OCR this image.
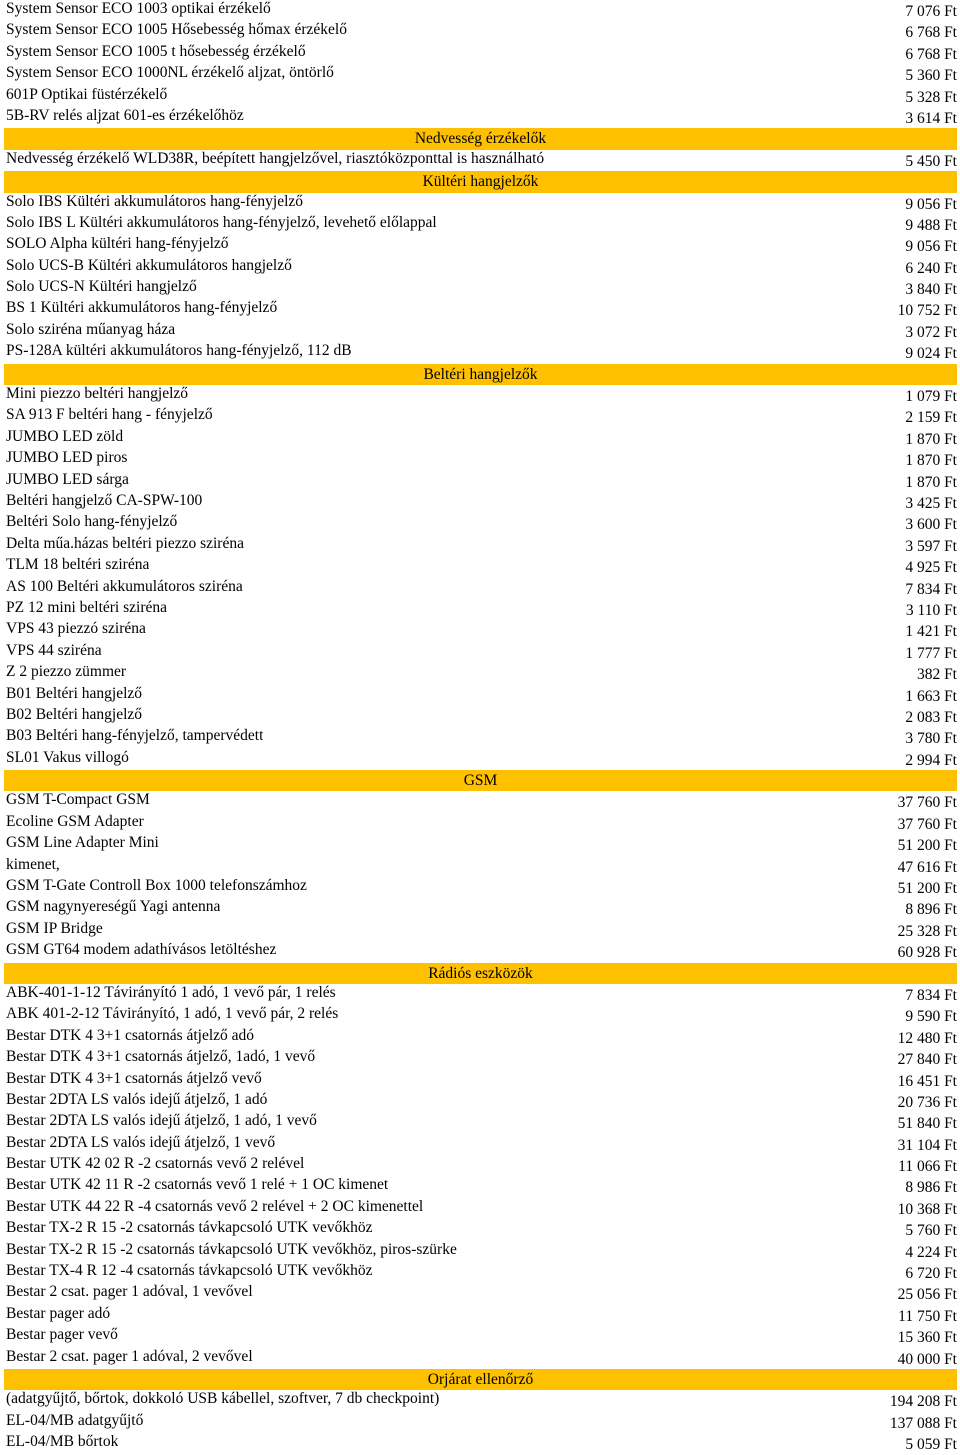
System Sensor ECO 1003 optikai érzékelő	7 076 Ft
System Sensor ECO 1005 Hősebesség hőmax érzékelő	6 768 Ft
System Sensor ECO 1005 t hősebesség érzékelő	6 768 Ft
System Sensor ECO 1000NL érzékelő aljzat, öntörlő	5 360 Ft
601P Optikai füstérzékelő	5 328 Ft
5B-RV relés aljzat 601-es érzékelőhöz	3 614 Ft
Nedvesség érzékelők
Nedvesség érzékelő WLD38R, beépített hangjelzővel, riasztóközponttal is használható	5 450 Ft
Kültéri hangjelzők
Solo IBS Kültéri akkumulátoros hang-fényjelző	9 056 Ft
Solo IBS L Kültéri akkumulátoros hang-fényjelző, levehető előlappal	9 488 Ft
SOLO Alpha kültéri hang-fényjelző	9 056 Ft
Solo UCS-B Kültéri akkumulátoros hangjelző	6 240 Ft
Solo UCS-N Kültéri hangjelző	3 840 Ft
BS 1 Kültéri akkumulátoros hang-fényjelző	10 752 Ft
Solo sziréna műanyag háza	3 072 Ft
PS-128A kültéri akkumulátoros hang-fényjelző, 112 dB	9 024 Ft
Beltéri hangjelzők
Mini piezzo beltéri hangjelző	1 079 Ft
SA 913 F beltéri hang - fényjelző	2 159 Ft
JUMBO LED zöld	1 870 Ft
JUMBO LED piros	1 870 Ft
JUMBO LED sárga	1 870 Ft
Beltéri hangjelző CA-SPW-100	3 425 Ft
Beltéri Solo hang-fényjelző	3 600 Ft
Delta műa.házas beltéri piezzo sziréna	3 597 Ft
TLM 18 beltéri sziréna	4 925 Ft
AS 100 Beltéri akkumulátoros sziréna	7 834 Ft
PZ 12 mini beltéri sziréna	3 110 Ft
VPS 43 piezzó sziréna	1 421 Ft
VPS 44 sziréna	1 777 Ft
Z 2 piezzo zümmer	382 Ft
B01 Beltéri hangjelző	1 663 Ft
B02 Beltéri hangjelző	2 083 Ft
B03 Beltéri hang-fényjelző, tampervédett	3 780 Ft
SL01 Vakus villogó	2 994 Ft
GSM
GSM T-Compact GSM	37 760 Ft
Ecoline GSM Adapter	37 760 Ft
GSM Line Adapter Mini	51 200 Ft
kimenet,	47 616 Ft
GSM T-Gate Controll Box 1000 telefonszámhoz	51 200 Ft
GSM nagynyereségű Yagi antenna	8 896 Ft
GSM IP Bridge	25 328 Ft
GSM GT64 modem adathívásos letöltéshez	60 928 Ft
Rádiós eszközök
ABK-401-1-12 Távirányító 1 adó, 1 vevő pár, 1 relés	7 834 Ft
ABK 401-2-12 Távirányító, 1 adó, 1 vevő pár, 2 relés	9 590 Ft
Bestar DTK 4 3+1 csatornás átjelző adó	12 480 Ft
Bestar DTK 4 3+1 csatornás átjelző, 1adó, 1 vevő	27 840 Ft
Bestar DTK 4 3+1 csatornás átjelző vevő	16 451 Ft
Bestar 2DTA LS valós idejű átjelző, 1 adó	20 736 Ft
Bestar 2DTA LS valós idejű átjelző, 1 adó, 1 vevő	51 840 Ft
Bestar 2DTA LS valós idejű átjelző, 1 vevő	31 104 Ft
Bestar UTK 42 02 R -2 csatornás vevő 2 relével	11 066 Ft
Bestar UTK 42 11 R -2 csatornás vevő 1 relé + 1 OC kimenet	8 986 Ft
Bestar UTK 44 22 R -4 csatornás vevő 2 relével + 2 OC kimenettel	10 368 Ft
Bestar TX-2 R 15 -2 csatornás távkapcsoló UTK vevőkhöz	5 760 Ft
Bestar TX-2 R 15 -2 csatornás távkapcsoló UTK vevőkhöz, piros-szürke	4 224 Ft
Bestar TX-4 R 12 -4 csatornás távkapcsoló UTK vevőkhöz	6 720 Ft
Bestar 2 csat. pager 1 adóval, 1 vevővel	25 056 Ft
Bestar pager adó	11 750 Ft
Bestar pager vevő	15 360 Ft
Bestar 2 csat. pager 1 adóval, 2 vevővel	40 000 Ft
Orjárat ellenőrző
(adatgyűjtő, bőrtok, dokkoló USB kábellel, szoftver, 7 db checkpoint)	194 208 Ft
EL-04/MB adatgyűjtő	137 088 Ft
EL-04/MB bőrtok	5 059 Ft
